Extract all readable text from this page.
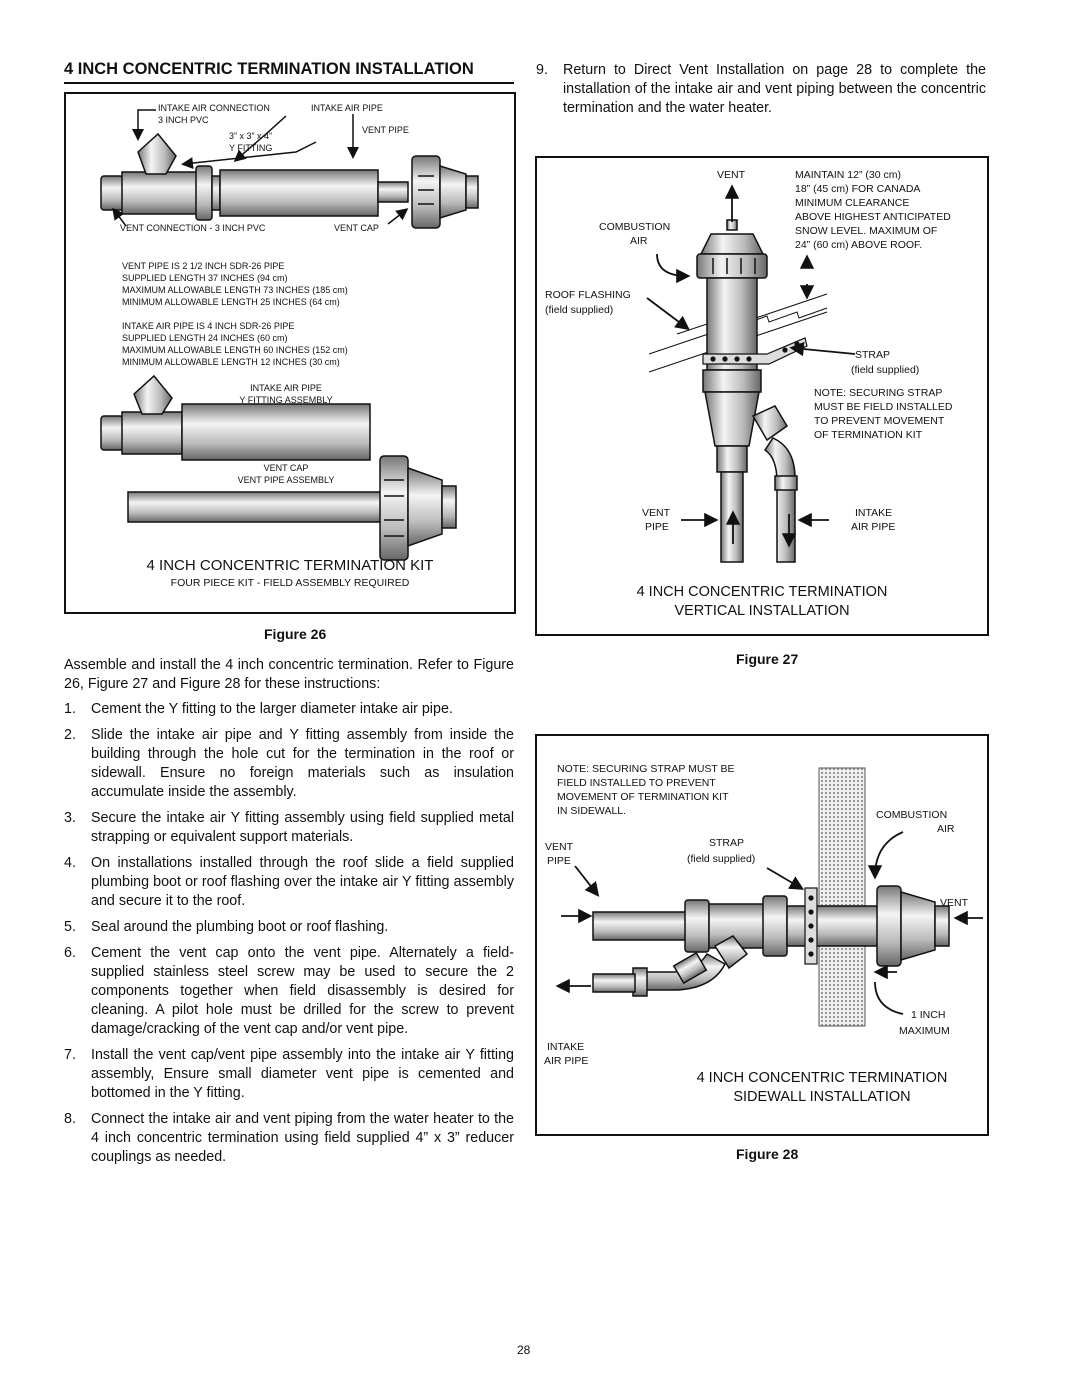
4 INCH CONCENTRIC TERMINATION INSTALLATION
INTAKE AIR CONNECTION
3 INCH PVC
INTAKE AIR PIPE
VENT PIPE
3” x 3” x 4”
Y FITTING
VENT CONNECTION - 3 INCH PVC	VENT CAP
VENT PIPE IS 2 1/2 INCH SDR-26 PIPE
SUPPLIED LENGTH 37 INCHES (94 cm)
MAXIMUM ALLOWABLE LENGTH 73 INCHES (185 cm)
MINIMUM ALLOWABLE LENGTH 25 INCHES (64 cm)
INTAKE AIR PIPE IS 4 INCH SDR-26 PIPE
SUPPLIED LENGTH 24 INCHES (60 cm)
MAXIMUM ALLOWABLE LENGTH 60 INCHES (152 cm)
MINIMUM ALLOWABLE LENGTH 12 INCHES (30 cm)
INTAKE AIR PIPE
Y FITTING ASSEMBLY
VENT CAP
VENT PIPE ASSEMBLY
4 INCH CONCENTRIC TERMINATION KIT
FOUR PIECE KIT - FIELD ASSEMBLY REQUIRED
Figure 26
Assemble and install the 4 inch concentric termination. Refer to Figure 26, Figure 27 and Figure 28 for these instructions:
1. Cement the Y fitting to the larger diameter intake air pipe.
2. Slide the intake air pipe and Y fitting assembly from inside the building through the hole cut for the termination in the roof or sidewall. Ensure no foreign materials such as insulation accumulate inside the assembly.
3. Secure the intake air Y fitting assembly using field supplied metal strapping or equivalent support materials.
4. On installations installed through the roof slide a field supplied plumbing boot or roof flashing over the intake air Y fitting assembly and secure it to the roof.
5. Seal around the plumbing boot or roof flashing.
6. Cement the vent cap onto the vent pipe. Alternately a field-supplied stainless steel screw may be used to secure the 2 components together when field disassembly is desired for cleaning. A pilot hole must be drilled for the screw to prevent damage/cracking of the vent cap and/or vent pipe.
7. Install the vent cap/vent pipe assembly into the intake air Y fitting assembly, Ensure small diameter vent pipe is cemented and bottomed in the Y fitting.
8. Connect the intake air and vent piping from the water heater to the 4 inch concentric termination using field supplied 4” x 3” reducer couplings as needed.
9. Return to Direct Vent Installation on page 28 to complete the installation of the intake air and vent piping between the concentric termination and the water heater.
VENT	MAINTAIN 12” (30 cm)
18” (45 cm) FOR CANADA
MINIMUM CLEARANCE
ABOVE HIGHEST ANTICIPATED
SNOW LEVEL. MAXIMUM OF
24” (60 cm) ABOVE ROOF.
COMBUSTION
AIR
ROOF FLASHING
(field supplied)
STRAP
(field supplied)
NOTE: SECURING STRAP
MUST BE FIELD INSTALLED
TO PREVENT MOVEMENT
OF TERMINATION KIT
VENT
PIPE
INTAKE
AIR PIPE
4 INCH CONCENTRIC TERMINATION
VERTICAL INSTALLATION
Figure 27
NOTE: SECURING STRAP MUST BE
FIELD INSTALLED TO PREVENT
MOVEMENT OF TERMINATION KIT
IN SIDEWALL.
VENT
PIPE
STRAP
(field supplied)
COMBUSTION
AIR
VENT
1 INCH
MAXIMUM
INTAKE
AIR PIPE
4 INCH CONCENTRIC TERMINATION
SIDEWALL INSTALLATION
Figure 28
28
